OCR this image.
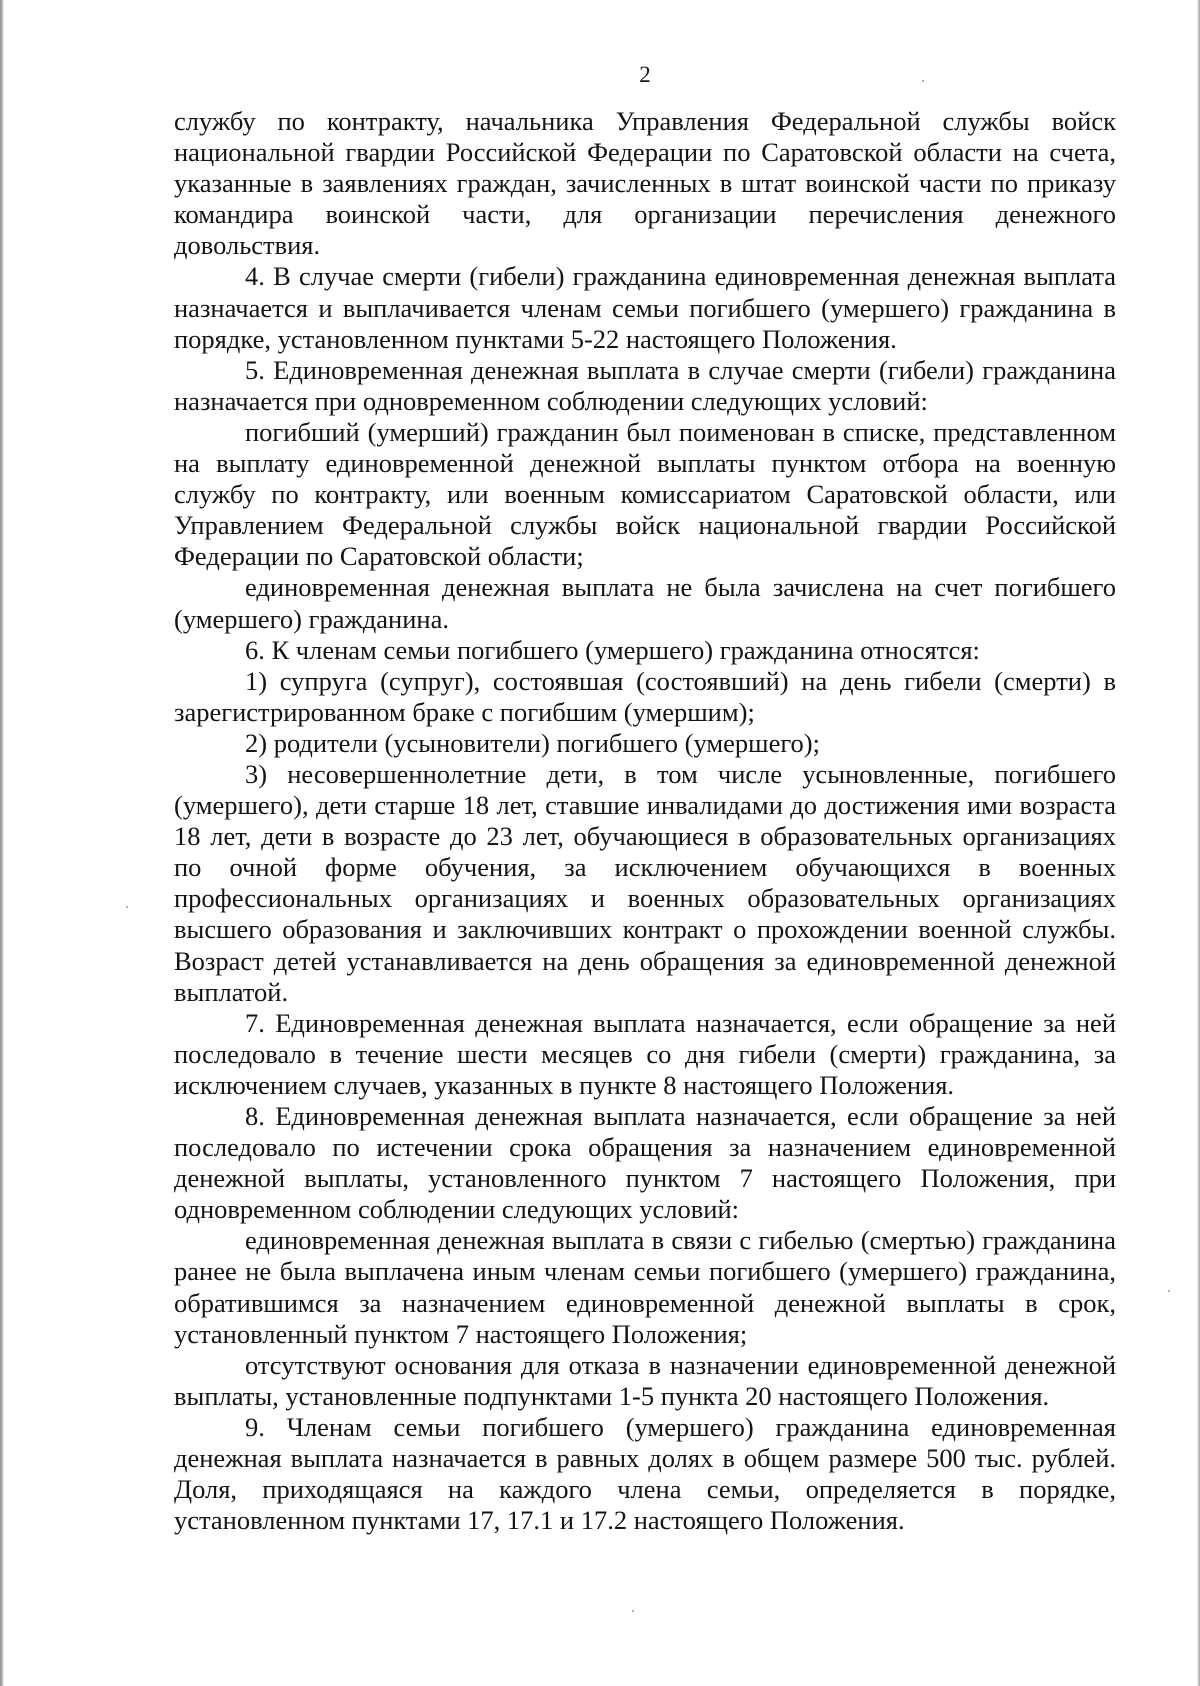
2

службу по контракту, начальника Управления Федеральной службы войск национальной гвардии Российской Федерации по Саратовской области на счета, указанные в заявлениях граждан, зачисленных в штат воинской части по приказу командира воинской части, для организации перечисления денежного довольствия.

4. В случае смерти (гибели) гражданина единовременная денежная выплата назначается и выплачивается членам семьи погибшего (умершего) гражданина в порядке, установленном пунктами 5-22 настоящего Положения.

5. Единовременная денежная выплата в случае смерти (гибели) гражданина назначается при одновременном соблюдении следующих условий:

погибший (умерший) гражданин был поименован в списке, представленном на выплату единовременной денежной выплаты пунктом отбора на военную службу по контракту, или военным комиссариатом Саратовской области, или Управлением Федеральной службы войск национальной гвардии Российской Федерации по Саратовской области;

единовременная денежная выплата не была зачислена на счет погибшего (умершего) гражданина.

6. К членам семьи погибшего (умершего) гражданина относятся:

1) супруга (супруг), состоявшая (состоявший) на день гибели (смерти) в зарегистрированном браке с погибшим (умершим);

2) родители (усыновители) погибшего (умершего);

3) несовершеннолетние дети, в том числе усыновленные, погибшего (умершего), дети старше 18 лет, ставшие инвалидами до достижения ими возраста 18 лет, дети в возрасте до 23 лет, обучающиеся в образовательных организациях по очной форме обучения, за исключением обучающихся в военных профессиональных организациях и военных образовательных организациях высшего образования и заключивших контракт о прохождении военной службы. Возраст детей устанавливается на день обращения за единовременной денежной выплатой.

7. Единовременная денежная выплата назначается, если обращение за ней последовало в течение шести месяцев со дня гибели (смерти) гражданина, за исключением случаев, указанных в пункте 8 настоящего Положения.

8. Единовременная денежная выплата назначается, если обращение за ней последовало по истечении срока обращения за назначением единовременной денежной выплаты, установленного пунктом 7 настоящего Положения, при одновременном соблюдении следующих условий:

единовременная денежная выплата в связи с гибелью (смертью) гражданина ранее не была выплачена иным членам семьи погибшего (умершего) гражданина, обратившимся за назначением единовременной денежной выплаты в срок, установленный пунктом 7 настоящего Положения;

отсутствуют основания для отказа в назначении единовременной денежной выплаты, установленные подпунктами 1-5 пункта 20 настоящего Положения.

9. Членам семьи погибшего (умершего) гражданина единовременная денежная выплата назначается в равных долях в общем размере 500 тыс. рублей. Доля, приходящаяся на каждого члена семьи, определяется в порядке, установленном пунктами 17, 17.1 и 17.2 настоящего Положения.
